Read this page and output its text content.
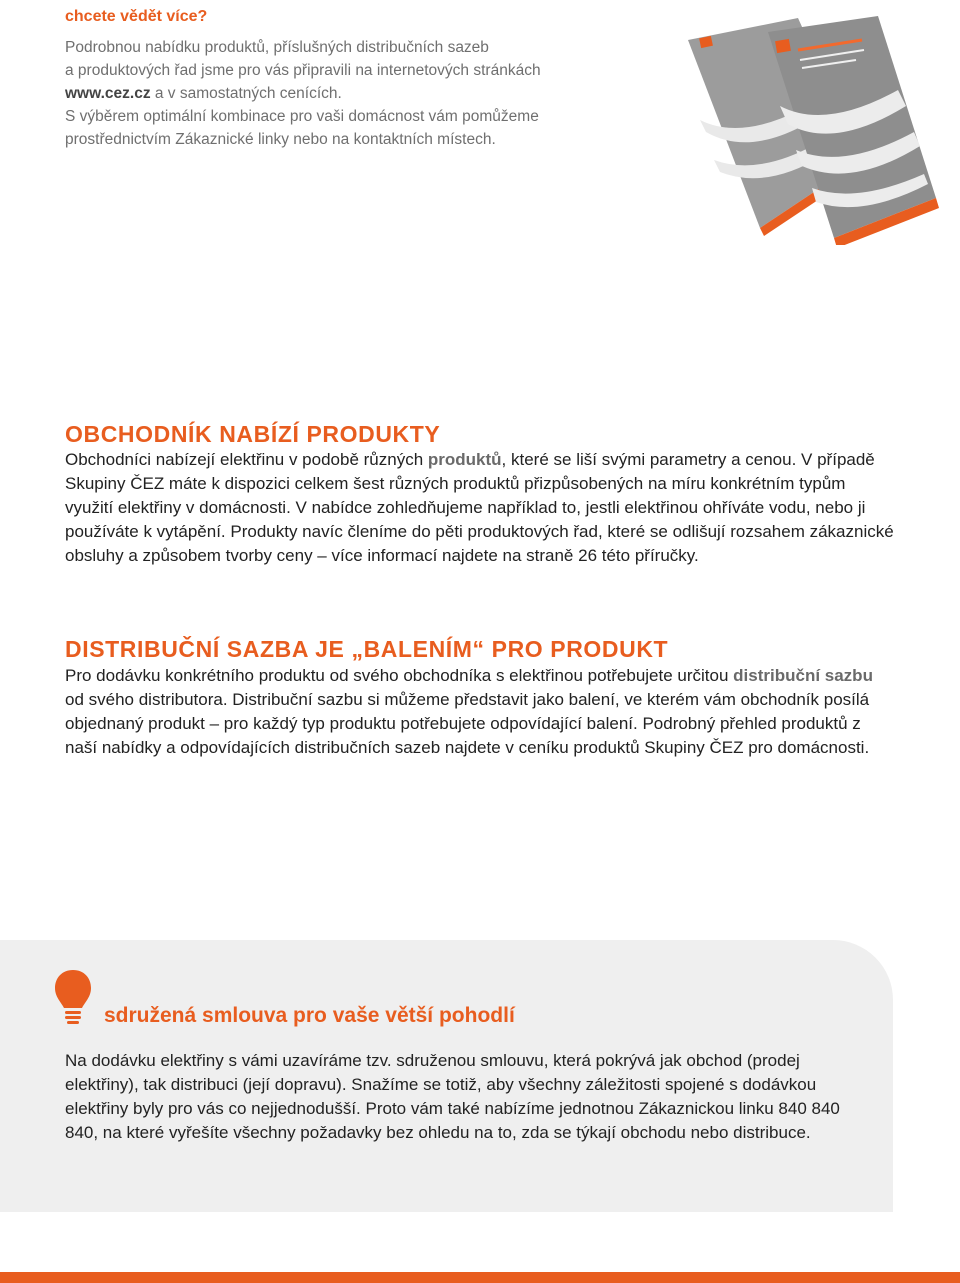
chcete vědět více?

Podrobnou nabídku produktů, příslušných distribučních sazeb

a produktových řad jsme pro vás připravili na internetových stránkách

www.cez.cz a v samostatných cenících.

S výběrem optimální kombinace pro vaši domácnost vám pomůžeme

prostřednictvím Zákaznické linky nebo na kontaktních místech.

OBCHODNÍK NABÍZÍ PRODUKTY

Obchodníci nabízejí elektřinu v podobě různých produktů, které se liší svými parametry a cenou. V případě Skupiny ČEZ máte k dispozici celkem šest různých produktů přizpůsobených na míru konkrétním typům využití elektřiny v domácnosti. V nabídce zohledňujeme například to, jestli elektřinou ohříváte vodu, nebo ji používáte k vytápění. Produkty navíc členíme do pěti produktových řad, které se odlišují rozsahem zákaznické obsluhy a způsobem tvorby ceny – více informací najdete na straně 26 této příručky.

DISTRIBUČNÍ SAZBA JE „BALENÍM“ PRO PRODUKT

Pro dodávku konkrétního produktu od svého obchodníka s elektřinou potřebujete určitou distribuční sazbu od svého distributora. Distribuční sazbu si můžeme představit jako balení, ve kterém vám obchodník posílá objednaný produkt – pro každý typ produktu potřebujete odpovídající balení. Podrobný přehled produktů z naší nabídky a odpovídajících distribučních sazeb najdete v ceníku produktů Skupiny ČEZ pro domácnosti.

sdružená smlouva pro vaše větší pohodlí

Na dodávku elektřiny s vámi uzavíráme tzv. sdruženou smlouvu, která pokrývá jak obchod (prodej elektřiny), tak distribuci (její dopravu). Snažíme se totiž, aby všechny záležitosti spojené s dodávkou elektřiny byly pro vás co nejjednodušší. Proto vám také nabízíme jednotnou Zákaznickou linku 840 840 840, na které vyřešíte všechny požadavky bez ohledu na to, zda se týkají obchodu nebo distribuce.
